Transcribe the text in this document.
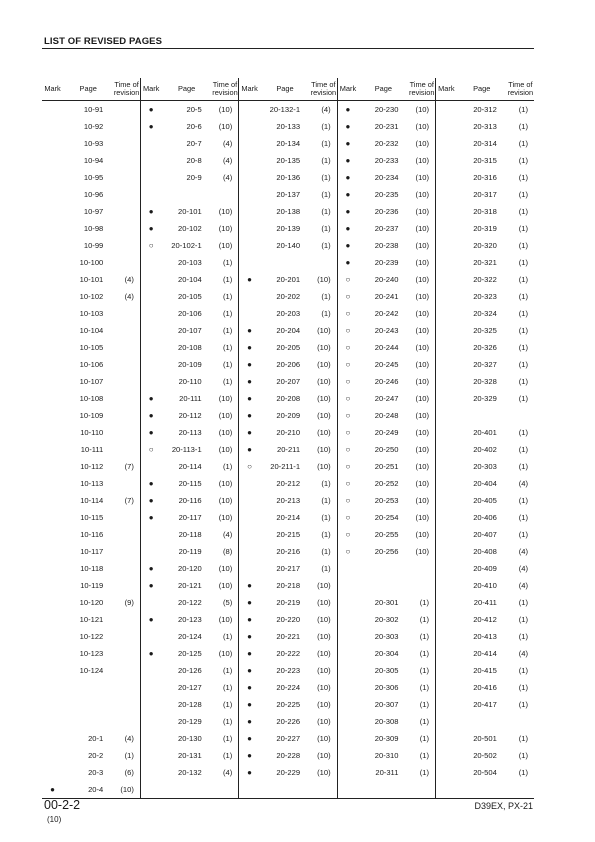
LIST OF REVISED PAGES
Mark	Page	Time of
revision	Mark	Page	Time of
revision	Mark	Page	Time of
revision	Mark	Page	Time of
revision	Mark	Page	Time of
revision
	10-91		●	20-5	(10)		20-132-1	(4)	●	20-230	(10)		20-312	(1)
	10-92		●	20-6	(10)		20-133	(1)	●	20-231	(10)		20-313	(1)
	10-93			20-7	(4)		20-134	(1)	●	20-232	(10)		20-314	(1)
	10-94			20-8	(4)		20-135	(1)	●	20-233	(10)		20-315	(1)
	10-95			20-9	(4)		20-136	(1)	●	20-234	(10)		20-316	(1)
	10-96						20-137	(1)	●	20-235	(10)		20-317	(1)
	10-97		●	20-101	(10)		20-138	(1)	●	20-236	(10)		20-318	(1)
	10-98		●	20-102	(10)		20-139	(1)	●	20-237	(10)		20-319	(1)
	10-99		○	20-102-1	(10)		20-140	(1)	●	20-238	(10)		20-320	(1)
	10-100			20-103	(1)				●	20-239	(10)		20-321	(1)
	10-101	(4)		20-104	(1)	●	20-201	(10)	○	20-240	(10)		20-322	(1)
	10-102	(4)		20-105	(1)		20-202	(1)	○	20-241	(10)		20-323	(1)
	10-103			20-106	(1)		20-203	(1)	○	20-242	(10)		20-324	(1)
	10-104			20-107	(1)	●	20-204	(10)	○	20-243	(10)		20-325	(1)
	10-105			20-108	(1)	●	20-205	(10)	○	20-244	(10)		20-326	(1)
	10-106			20-109	(1)	●	20-206	(10)	○	20-245	(10)		20-327	(1)
	10-107			20-110	(1)	●	20-207	(10)	○	20-246	(10)		20-328	(1)
	10-108		●	20-111	(10)	●	20-208	(10)	○	20-247	(10)		20-329	(1)
	10-109		●	20-112	(10)	●	20-209	(10)	○	20-248	(10)			
	10-110		●	20-113	(10)	●	20-210	(10)	○	20-249	(10)		20-401	(1)
	10-111		○	20-113-1	(10)	●	20-211	(10)	○	20-250	(10)		20-402	(1)
	10-112	(7)		20-114	(1)	○	20-211-1	(10)	○	20-251	(10)		20-303	(1)
	10-113		●	20-115	(10)		20-212	(1)	○	20-252	(10)		20-404	(4)
	10-114	(7)	●	20-116	(10)		20-213	(1)	○	20-253	(10)		20-405	(1)
	10-115		●	20-117	(10)		20-214	(1)	○	20-254	(10)		20-406	(1)
	10-116			20-118	(4)		20-215	(1)	○	20-255	(10)		20-407	(1)
	10-117			20-119	(8)		20-216	(1)	○	20-256	(10)		20-408	(4)
	10-118		●	20-120	(10)		20-217	(1)					20-409	(4)
	10-119		●	20-121	(10)	●	20-218	(10)					20-410	(4)
	10-120	(9)		20-122	(5)	●	20-219	(10)		20-301	(1)		20-411	(1)
	10-121		●	20-123	(10)	●	20-220	(10)		20-302	(1)		20-412	(1)
	10-122			20-124	(1)	●	20-221	(10)		20-303	(1)		20-413	(1)
	10-123		●	20-125	(10)	●	20-222	(10)		20-304	(1)		20-414	(4)
	10-124			20-126	(1)	●	20-223	(10)		20-305	(1)		20-415	(1)
				20-127	(1)	●	20-224	(10)		20-306	(1)		20-416	(1)
				20-128	(1)	●	20-225	(10)		20-307	(1)		20-417	(1)
				20-129	(1)	●	20-226	(10)		20-308	(1)			
	20-1	(4)		20-130	(1)	●	20-227	(10)		20-309	(1)		20-501	(1)
	20-2	(1)		20-131	(1)	●	20-228	(10)		20-310	(1)		20-502	(1)
	20-3	(6)		20-132	(4)	●	20-229	(10)		20-311	(1)		20-504	(1)
●	20-4	(10)												
00-2-2
(10)
D39EX, PX-21
